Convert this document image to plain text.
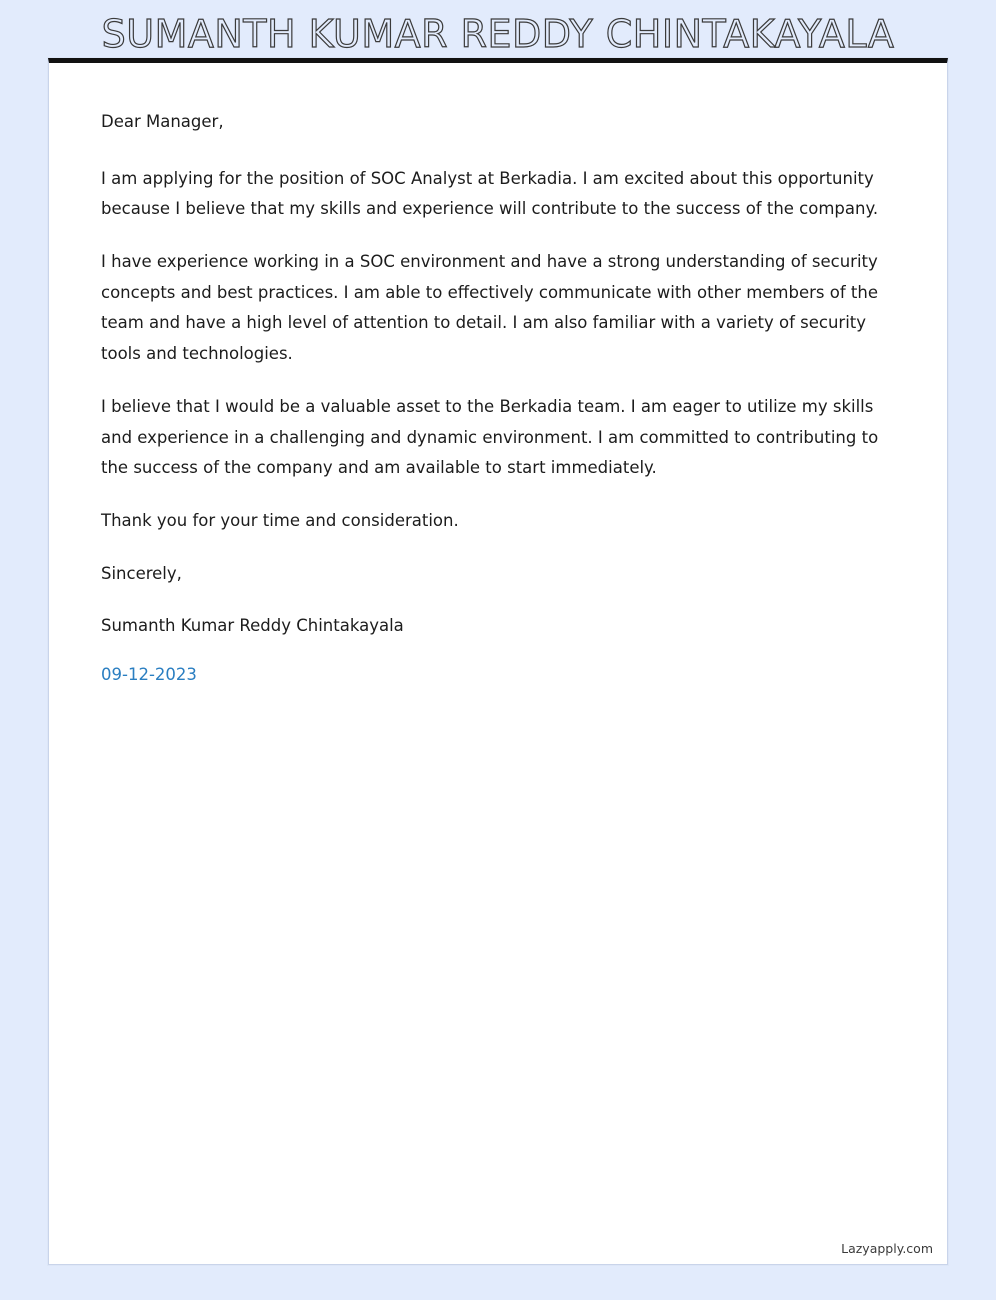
SUMANTH KUMAR REDDY CHINTAKAYALA

Dear Manager,

I am applying for the position of SOC Analyst at Berkadia. I am excited about this opportunity because I believe that my skills and experience will contribute to the success of the company.

I have experience working in a SOC environment and have a strong understanding of security concepts and best practices. I am able to effectively communicate with other members of the team and have a high level of attention to detail. I am also familiar with a variety of security tools and technologies.

I believe that I would be a valuable asset to the Berkadia team. I am eager to utilize my skills and experience in a challenging and dynamic environment. I am committed to contributing to the success of the company and am available to start immediately.

Thank you for your time and consideration.

Sincerely,

Sumanth Kumar Reddy Chintakayala

09-12-2023

Lazyapply.com
